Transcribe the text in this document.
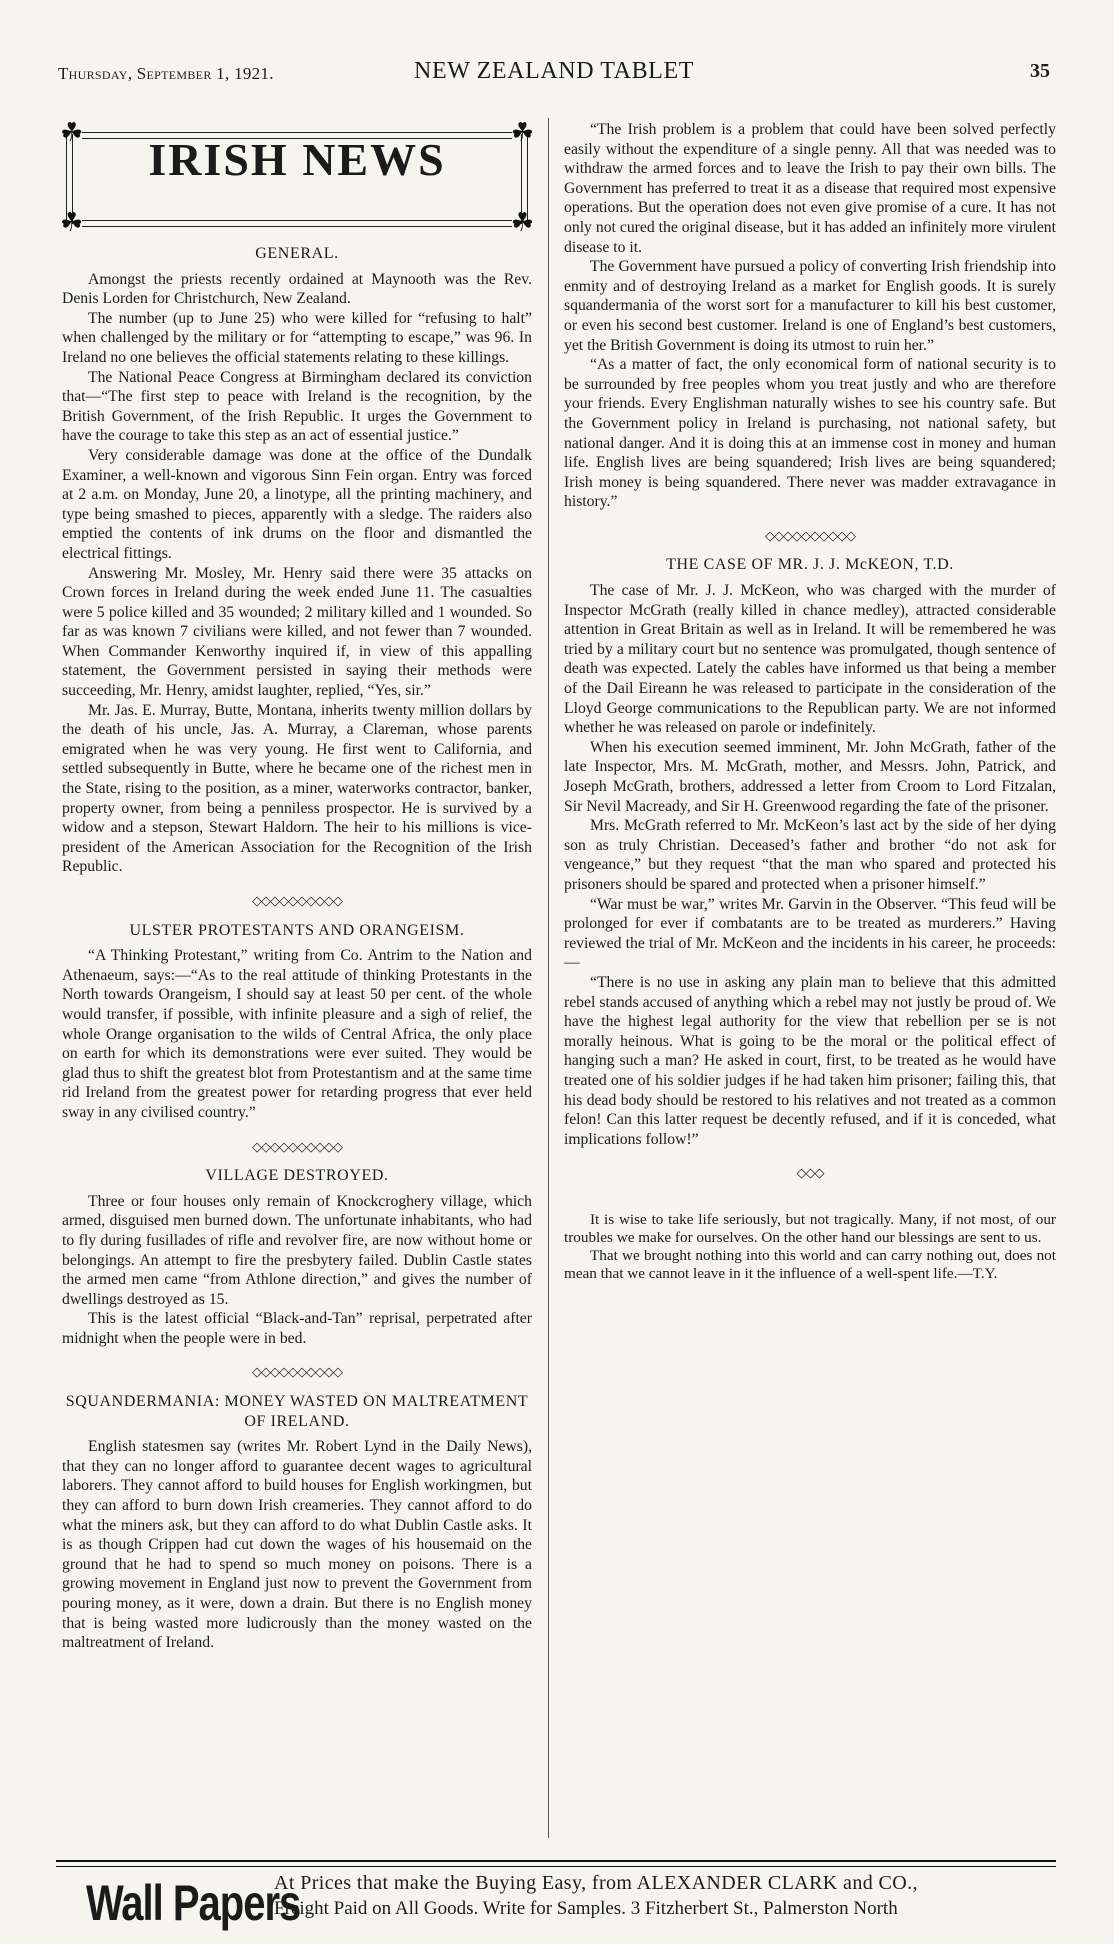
Thursday, September 1, 1921.	NEW ZEALAND TABLET	35
☘	☘
☘	☘
IRISH NEWS
GENERAL.

Amongst the priests recently ordained at Maynooth was the Rev. Denis Lorden for Christchurch, New Zealand.

The number (up to June 25) who were killed for “refusing to halt” when challenged by the military or for “attempting to escape,” was 96. In Ireland no one believes the official statements relating to these killings.

The National Peace Congress at Birmingham declared its conviction that—“The first step to peace with Ireland is the recognition, by the British Government, of the Irish Republic. It urges the Government to have the courage to take this step as an act of essential justice.”

Very considerable damage was done at the office of the Dundalk Examiner, a well-known and vigorous Sinn Fein organ. Entry was forced at 2 a.m. on Monday, June 20, a linotype, all the printing machinery, and type being smashed to pieces, apparently with a sledge. The raiders also emptied the contents of ink drums on the floor and dismantled the electrical fittings.

Answering Mr. Mosley, Mr. Henry said there were 35 attacks on Crown forces in Ireland during the week ended June 11. The casualties were 5 police killed and 35 wounded; 2 military killed and 1 wounded. So far as was known 7 civilians were killed, and not fewer than 7 wounded. When Commander Kenworthy inquired if, in view of this appalling statement, the Government persisted in saying their methods were succeeding, Mr. Henry, amidst laughter, replied, “Yes, sir.”

Mr. Jas. E. Murray, Butte, Montana, inherits twenty million dollars by the death of his uncle, Jas. A. Murray, a Clareman, whose parents emigrated when he was very young. He first went to California, and settled subsequently in Butte, where he became one of the richest men in the State, rising to the position, as a miner, waterworks contractor, banker, property owner, from being a penniless prospector. He is survived by a widow and a stepson, Stewart Haldorn. The heir to his millions is vice-president of the American Association for the Recognition of the Irish Republic.

◇◇◇◇◇◇◇◇◇◇
ULSTER PROTESTANTS AND ORANGEISM.

“A Thinking Protestant,” writing from Co. Antrim to the Nation and Athenaeum, says:—“As to the real attitude of thinking Protestants in the North towards Orangeism, I should say at least 50 per cent. of the whole would transfer, if possible, with infinite pleasure and a sigh of relief, the whole Orange organisation to the wilds of Central Africa, the only place on earth for which its demonstrations were ever suited. They would be glad thus to shift the greatest blot from Protestantism and at the same time rid Ireland from the greatest power for retarding progress that ever held sway in any civilised country.”

◇◇◇◇◇◇◇◇◇◇
VILLAGE DESTROYED.

Three or four houses only remain of Knockcroghery village, which armed, disguised men burned down. The unfortunate inhabitants, who had to fly during fusillades of rifle and revolver fire, are now without home or belongings. An attempt to fire the presbytery failed. Dublin Castle states the armed men came “from Athlone direction,” and gives the number of dwellings destroyed as 15.

This is the latest official “Black-and-Tan” reprisal, perpetrated after midnight when the people were in bed.

◇◇◇◇◇◇◇◇◇◇
SQUANDERMANIA: MONEY WASTED ON MALTREATMENT OF IRELAND.

English statesmen say (writes Mr. Robert Lynd in the Daily News), that they can no longer afford to guarantee decent wages to agricultural laborers. They cannot afford to build houses for English workingmen, but they can afford to burn down Irish creameries. They cannot afford to do what the miners ask, but they can afford to do what Dublin Castle asks. It is as though Crippen had cut down the wages of his housemaid on the ground that he had to spend so much money on poisons. There is a growing movement in England just now to prevent the Government from pouring money, as it were, down a drain. But there is no English money that is being wasted more ludicrously than the money wasted on the maltreatment of Ireland.

“The Irish problem is a problem that could have been solved perfectly easily without the expenditure of a single penny. All that was needed was to withdraw the armed forces and to leave the Irish to pay their own bills. The Government has preferred to treat it as a disease that required most expensive operations. But the operation does not even give promise of a cure. It has not only not cured the original disease, but it has added an infinitely more virulent disease to it.

The Government have pursued a policy of converting Irish friendship into enmity and of destroying Ireland as a market for English goods. It is surely squandermania of the worst sort for a manufacturer to kill his best customer, or even his second best customer. Ireland is one of England’s best customers, yet the British Government is doing its utmost to ruin her.”

“As a matter of fact, the only economical form of national security is to be surrounded by free peoples whom you treat justly and who are therefore your friends. Every Englishman naturally wishes to see his country safe. But the Government policy in Ireland is purchasing, not national safety, but national danger. And it is doing this at an immense cost in money and human life. English lives are being squandered; Irish lives are being squandered; Irish money is being squandered. There never was madder extravagance in history.”

◇◇◇◇◇◇◇◇◇◇
THE CASE OF MR. J. J. McKEON, T.D.

The case of Mr. J. J. McKeon, who was charged with the murder of Inspector McGrath (really killed in chance medley), attracted considerable attention in Great Britain as well as in Ireland. It will be remembered he was tried by a military court but no sentence was promulgated, though sentence of death was expected. Lately the cables have informed us that being a member of the Dail Eireann he was released to participate in the consideration of the Lloyd George communications to the Republican party. We are not informed whether he was released on parole or indefinitely.

When his execution seemed imminent, Mr. John McGrath, father of the late Inspector, Mrs. M. McGrath, mother, and Messrs. John, Patrick, and Joseph McGrath, brothers, addressed a letter from Croom to Lord Fitzalan, Sir Nevil Macready, and Sir H. Greenwood regarding the fate of the prisoner.

Mrs. McGrath referred to Mr. McKeon’s last act by the side of her dying son as truly Christian. Deceased’s father and brother “do not ask for vengeance,” but they request “that the man who spared and protected his prisoners should be spared and protected when a prisoner himself.”

“War must be war,” writes Mr. Garvin in the Observer. “This feud will be prolonged for ever if combatants are to be treated as murderers.” Having reviewed the trial of Mr. McKeon and the incidents in his career, he proceeds:—

“There is no use in asking any plain man to believe that this admitted rebel stands accused of anything which a rebel may not justly be proud of. We have the highest legal authority for the view that rebellion per se is not morally heinous. What is going to be the moral or the political effect of hanging such a man? He asked in court, first, to be treated as he would have treated one of his soldier judges if he had taken him prisoner; failing this, that his dead body should be restored to his relatives and not treated as a common felon! Can this latter request be decently refused, and if it is conceded, what implications follow!”

◇◇◇

It is wise to take life seriously, but not tragically. Many, if not most, of our troubles we make for ourselves. On the other hand our blessings are sent to us.

That we brought nothing into this world and can carry nothing out, does not mean that we cannot leave in it the influence of a well-spent life.—T.Y.

Wall Papers
At Prices that make the Buying Easy, from ALEXANDER CLARK and CO.,
Freight Paid on All Goods. Write for Samples. 3 Fitzherbert St., Palmerston North
